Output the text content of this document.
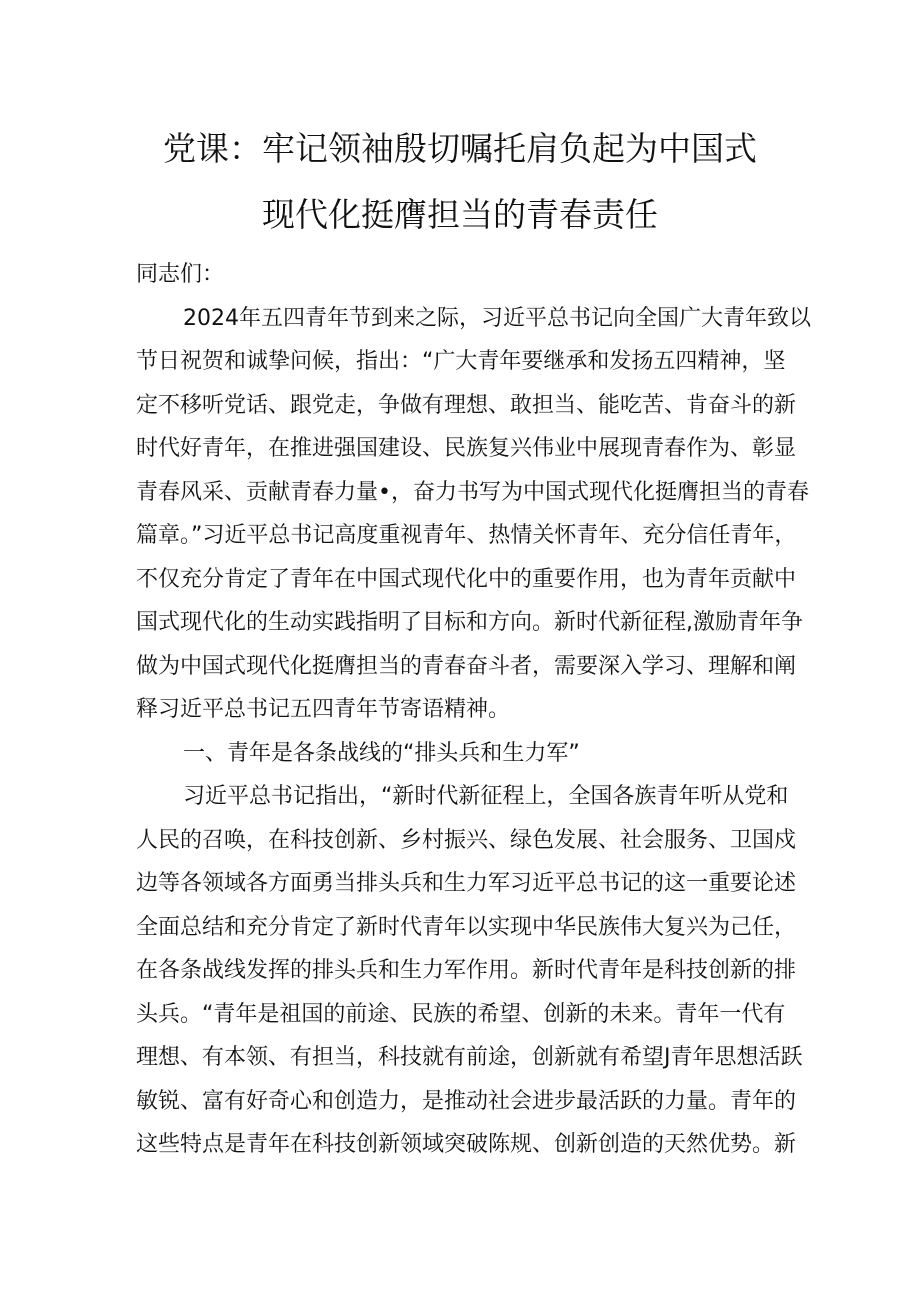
党课：牢记领袖殷切嘱托肩负起为中国式
现代化挺膺担当的青春责任
同志们：
2024年五四青年节到来之际，习近平总书记向全国广大青年致以
节日祝贺和诚挚问候，指出：“广大青年要继承和发扬五四精神，坚
定不移听党话、跟党走，争做有理想、敢担当、能吃苦、肯奋斗的新
时代好青年，在推进强国建设、民族复兴伟业中展现青春作为、彰显
青春风采、贡献青春力量•，奋力书写为中国式现代化挺膺担当的青春
篇章。”习近平总书记高度重视青年、热情关怀青年、充分信任青年，
不仅充分肯定了青年在中国式现代化中的重要作用，也为青年贡献中
国式现代化的生动实践指明了目标和方向。新时代新征程,激励青年争
做为中国式现代化挺膺担当的青春奋斗者，需要深入学习、理解和阐
释习近平总书记五四青年节寄语精神。
一、青年是各条战线的“排头兵和生力军”
习近平总书记指出，“新时代新征程上，全国各族青年听从党和
人民的召唤，在科技创新、乡村振兴、绿色发展、社会服务、卫国戍
边等各领域各方面勇当排头兵和生力军习近平总书记的这一重要论述
全面总结和充分肯定了新时代青年以实现中华民族伟大复兴为己任，
在各条战线发挥的排头兵和生力军作用。新时代青年是科技创新的排
头兵。“青年是祖国的前途、民族的希望、创新的未来。青年一代有
理想、有本领、有担当，科技就有前途，创新就有希望J青年思想活跃
敏锐、富有好奇心和创造力，是推动社会进步最活跃的力量。青年的
这些特点是青年在科技创新领域突破陈规、创新创造的天然优势。新
